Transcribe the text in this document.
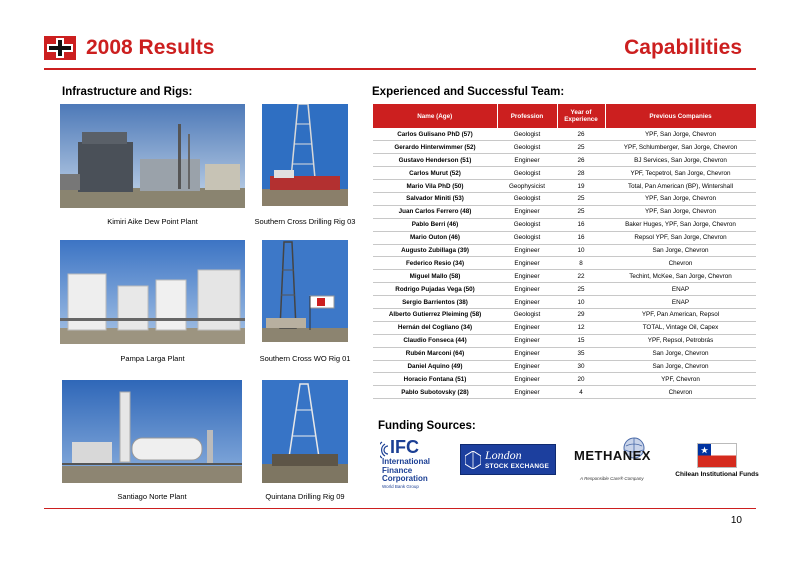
2008 Results	Capabilities
Infrastructure and Rigs:
Kimiri Aike Dew Point Plant	Southern Cross Drilling Rig 03
Pampa Larga Plant	Southern Cross WO Rig 01
Santiago Norte Plant	Quintana Drilling Rig 09
Experienced and Successful Team:
Name (Age)	Profession	Year of Experience	Previous Companies
Carlos Gulisano PhD (57)	Geologist	26	YPF, San Jorge, Chevron
Gerardo Hinterwimmer (52)	Geologist	25	YPF, Schlumberger, San Jorge, Chevron
Gustavo Henderson (51)	Engineer	26	BJ Services, San Jorge, Chevron
Carlos Murut (52)	Geologist	28	YPF, Tecpetrol, San Jorge, Chevron
Mario Vila PhD (50)	Geophysicist	19	Total, Pan American (BP), Wintershall
Salvador Miniti (53)	Geologist	25	YPF, San Jorge, Chevron
Juan Carlos Ferrero (48)	Engineer	25	YPF, San Jorge, Chevron
Pablo Berri (46)	Geologist	16	Baker Huges, YPF, San Jorge, Chevron
Mario Outon (46)	Geologist	16	Repsol YPF, San Jorge, Chevron
Augusto Zubillaga (39)	Engineer	10	San Jorge, Chevron
Federico Resio (34)	Engineer	8	Chevron
Miguel Mallo (58)	Engineer	22	Techint, McKee, San Jorge, Chevron
Rodrigo Pujadas Vega (50)	Engineer	25	ENAP
Sergio Barrientos (38)	Engineer	10	ENAP
Alberto Gutierrez Pleiming (58)	Geologist	29	YPF, Pan American, Repsol
Hernán del Cogliano (34)	Engineer	12	TOTAL, Vintage Oil, Capex
Claudio Fonseca (44)	Engineer	15	YPF, Repsol, Petrobrás
Rubén Marconi (64)	Engineer	35	San Jorge, Chevron
Daniel Aquino (49)	Engineer	30	San Jorge, Chevron
Horacio Fontana (51)	Engineer	20	YPF, Chevron
Pablo Subotovsky (28)	Engineer	4	Chevron
Funding Sources:
IFC
International
Finance
Corporation
World Bank Group
London
STOCK EXCHANGE
METHANEX
A Responsible Care® Company
Chilean Institutional Funds
10
